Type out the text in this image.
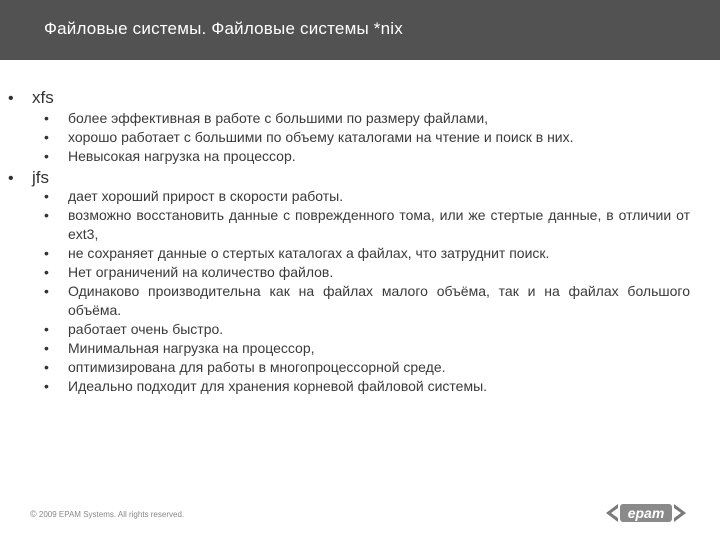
Файловые системы. Файловые системы *nix
• xfs
• более эффективная в работе с большими по размеру файлами,
• хорошо работает с большими по объему каталогами на чтение и поиск в них.
• Невысокая нагрузка на процессор.
• jfs
• дает хороший прирост в скорости работы.
• возможно восстановить данные с поврежденного тома, или же стертые данные, в отличии от ext3,
• не сохраняет данные о стертых каталогах а файлах, что затруднит поиск.
• Нет ограничений на количество файлов.
• Одинаково производительна как на файлах малого объёма, так и на файлах большого объёма.
• работает очень быстро.
• Минимальная нагрузка на процессор,
• оптимизирована для работы в многопроцессорной среде.
• Идеально подходит для хранения корневой файловой системы.
© 2009 EPAM Systems. All rights reserved.	epam
